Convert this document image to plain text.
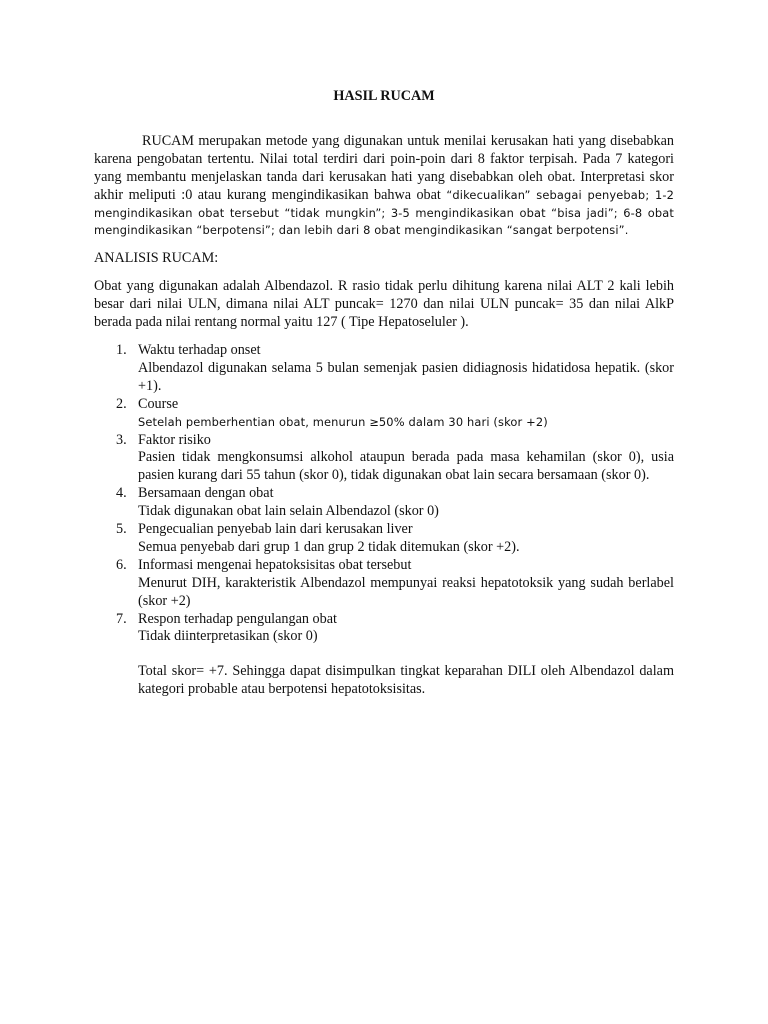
HASIL RUCAM

RUCAM merupakan metode yang digunakan untuk menilai kerusakan hati yang disebabkan karena pengobatan tertentu. Nilai total terdiri dari poin-poin dari 8 faktor terpisah. Pada 7 kategori yang membantu menjelaskan tanda dari kerusakan hati yang disebabkan oleh obat. Interpretasi skor akhir meliputi :0 atau kurang mengindikasikan bahwa obat “dikecualikan” sebagai penyebab; 1-2 mengindikasikan obat tersebut “tidak mungkin”; 3-5 mengindikasikan obat “bisa jadi”; 6-8 obat mengindikasikan “berpotensi”; dan lebih dari 8 obat mengindikasikan “sangat berpotensi”.

ANALISIS RUCAM:

Obat yang digunakan adalah Albendazol. R rasio tidak perlu dihitung karena nilai ALT 2 kali lebih besar dari nilai ULN, dimana nilai ALT puncak= 1270 dan nilai ULN puncak= 35 dan nilai AlkP berada pada nilai rentang normal yaitu 127 ( Tipe Hepatoseluler ).

1. Waktu terhadap onset
Albendazol digunakan selama 5 bulan semenjak pasien didiagnosis hidatidosa hepatik. (skor +1).
2. Course
Setelah pemberhentian obat, menurun ≥50% dalam 30 hari (skor +2)
3. Faktor risiko
Pasien tidak mengkonsumsi alkohol ataupun berada pada masa kehamilan (skor 0), usia pasien kurang dari 55 tahun (skor 0), tidak digunakan obat lain secara bersamaan (skor 0).
4. Bersamaan dengan obat
Tidak digunakan obat lain selain Albendazol (skor 0)
5. Pengecualian penyebab lain dari kerusakan liver
Semua penyebab dari grup 1 dan grup 2 tidak ditemukan (skor +2).
6. Informasi mengenai hepatoksisitas obat tersebut
Menurut DIH, karakteristik Albendazol mempunyai reaksi hepatotoksik yang sudah berlabel (skor +2)
7. Respon terhadap pengulangan obat
Tidak diinterpretasikan (skor 0)

Total skor= +7. Sehingga dapat disimpulkan tingkat keparahan DILI oleh Albendazol dalam kategori probable atau berpotensi hepatotoksisitas.
